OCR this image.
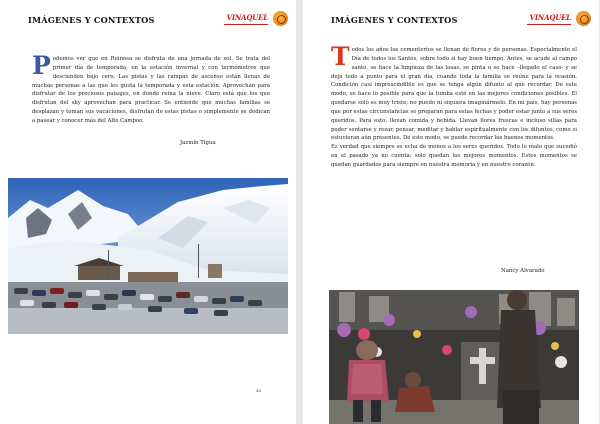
IMÁGENES Y CONTEXTOS	VINAQUEL

Podemos ver que en Reinosa se disfruta de una jornada de sol. Se trata del primer día de temporada, en la estación invernal y con termómetros que descienden bajo cero. Las pistas y las rampas de ascenso están llenas de muchas personas a las que les gusta la temporada y esta estación. Aprovechan para disfrutar de los preciosos paisajes, en donde reina la nieve. Claro está que los que disfrutan del sky aprovechan para practicar. Se entiende que muchas familias se desplazan y toman sus vacaciones, disfrutan de estas pistas o simplemente se dedican a pasear y conocer más del Alto Campoo.

Jazmín Tigua
48
IMÁGENES Y CONTEXTOS	VINAQUEL

Todos los años los cementerios se llenan de flores y de personas. Especialmente el Día de todos los Santos, sobre todo si hay buen tiempo. Antes, se acude al campo santo, se hace la limpieza de las losas, se pinta o se hace –llegado el caso- y se deja todo a punto para el gran día, cuando toda la familia se reúne para la ocasión. Condición casi imprescindible es que se tenga algún difunto al que recordar. De este modo, se hace lo posible para que la tumba esté en las mejores condiciones posibles. El quedarse solo es muy triste; no puedo ni siquiera imaginármelo. En mi país, hay personas que por estas circunstancias se preparan para estas fechas y poder estar junto a sus seres queridos. Para esto, llevan comida y bebida. Llevan flores frescas e incluso sillas para poder sentarse y rezar, pensar, meditar y hablar espiritualmente con los difuntos, como si estuvieran aún presentes. De este modo, se puede recordar los buenos momentos.

Es verdad que siempre se echa de menos a los seres queridos. Todo lo malo que sucedió en el pasado ya no cuenta; solo quedan los mejores momentos. Estos momentos se quedan guardados para siempre en nuestra memoria y en nuestro corazón.

Nancy Alvarado
